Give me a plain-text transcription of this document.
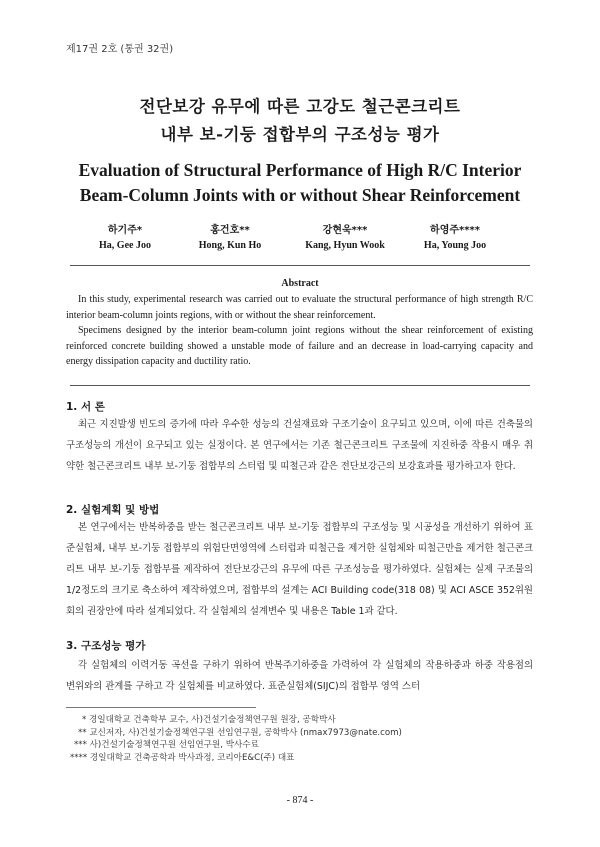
제17권 2호 (통권 32권)
전단보강 유무에 따른 고강도 철근콘크리트
내부 보-기둥 접합부의 구조성능 평가
Evaluation of Structural Performance of High R/C Interior
Beam-Column Joints with or without Shear Reinforcement
하기주*
Ha, Gee Joo
홍건호**
Hong, Kun Ho
강현욱***
Kang, Hyun Wook
하영주****
Ha, Young Joo
Abstract

In this study, experimental research was carried out to evaluate the structural performance of high strength R/C interior beam-column joints regions, with or without the shear reinforcement.

Specimens designed by the interior beam-column joint regions without the shear reinforcement of existing reinforced concrete building showed a unstable mode of failure and an decrease in load-carrying capacity and energy dissipation capacity and ductility ratio.

1. 서 론

최근 지진발생 빈도의 증가에 따라 우수한 성능의 건설재료와 구조기술이 요구되고 있으며, 이에 따른 건축물의 구조성능의 개선이 요구되고 있는 실정이다. 본 연구에서는 기존 철근콘크리트 구조물에 지진하중 작용시 매우 취약한 철근콘크리트 내부 보-기둥 접합부의 스터럽 및 띠철근과 같은 전단보강근의 보강효과를 평가하고자 한다.

2. 실험계획 및 방법

본 연구에서는 반복하중을 받는 철근콘크리트 내부 보-기둥 접합부의 구조성능 및 시공성을 개선하기 위하여 표준실험체, 내부 보-기둥 접합부의 위험단면영역에 스터럽과 띠철근을 제거한 실험체와 띠철근만을 제거한 철근콘크리트 내부 보-기둥 접합부를 제작하여 전단보강근의 유무에 따른 구조성능을 평가하였다. 실험체는 실제 구조물의 1/2정도의 크기로 축소하여 제작하였으며, 접합부의 설계는 ACI Building code(318 08) 및 ACI ASCE 352위원회의 권장안에 따라 설계되었다. 각 실험체의 설계변수 및 내용은 Table 1과 같다.

3. 구조성능 평가

각 실험체의 이력거동 곡선을 구하기 위하여 반복주기하중을 가력하여 각 실험체의 작용하중과 하중 작용점의 변위와의 관계를 구하고 각 실험체를 비교하였다. 표준실험체(SIJC)의 접합부 영역 스터

* 경일대학교 건축학부 교수, 사)건설기술정책연구원 원장, 공학박사
** 교신저자, 사)건설기술정책연구원 선임연구원, 공학박사 (nmax7973@nate.com)
*** 사)건설기술정책연구원 선임연구원, 박사수료
**** 경일대학교 건축공학과 박사과정, 코리아E&C(주) 대표
- 874 -
